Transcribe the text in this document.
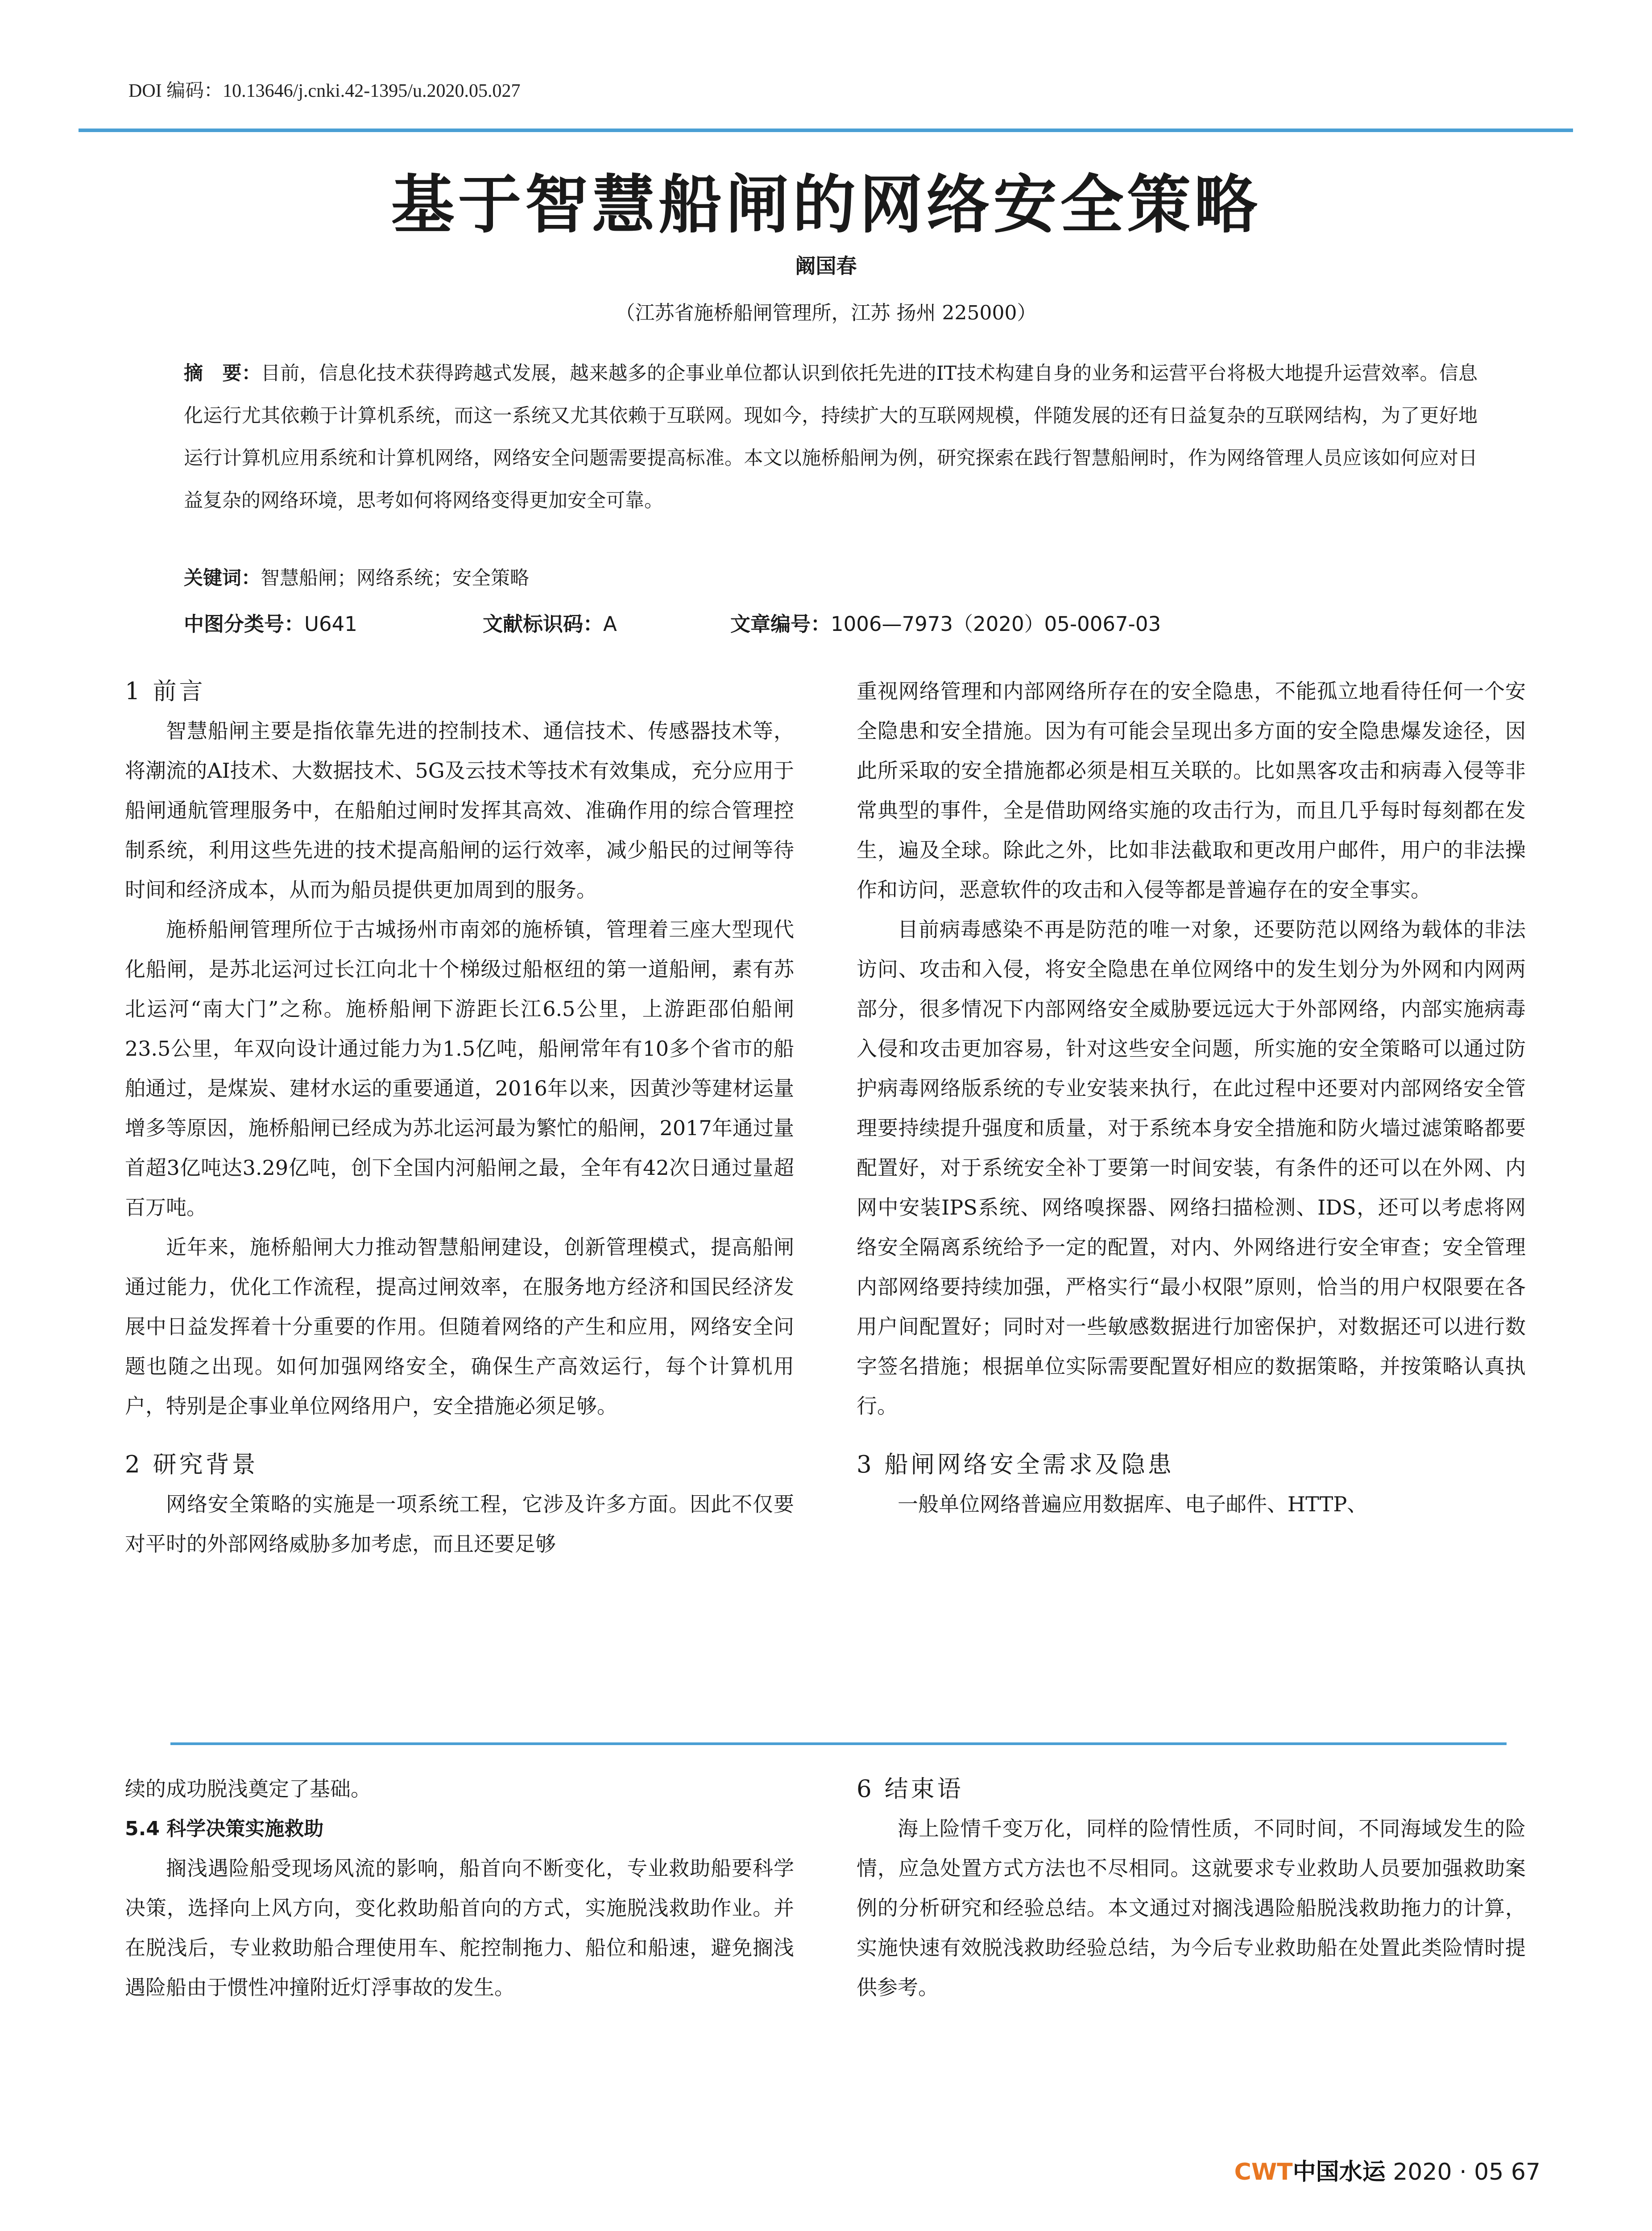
DOI 编码：10.13646/j.cnki.42-1395/u.2020.05.027
基于智慧船闸的网络安全策略
阚国春
（江苏省施桥船闸管理所，江苏 扬州 225000）
摘　要：目前，信息化技术获得跨越式发展，越来越多的企事业单位都认识到依托先进的IT技术构建自身的业务和运营平台将极大地提升运营效率。信息化运行尤其依赖于计算机系统，而这一系统又尤其依赖于互联网。现如今，持续扩大的互联网规模，伴随发展的还有日益复杂的互联网结构，为了更好地运行计算机应用系统和计算机网络，网络安全问题需要提高标准。本文以施桥船闸为例，研究探索在践行智慧船闸时，作为网络管理人员应该如何应对日益复杂的网络环境，思考如何将网络变得更加安全可靠。
关键词：智慧船闸；网络系统；安全策略
中图分类号：U641	文献标识码：A	文章编号：1006—7973（2020）05-0067-03
1 前言

智慧船闸主要是指依靠先进的控制技术、通信技术、传感器技术等，将潮流的AI技术、大数据技术、5G及云技术等技术有效集成，充分应用于船闸通航管理服务中，在船舶过闸时发挥其高效、准确作用的综合管理控制系统，利用这些先进的技术提高船闸的运行效率，减少船民的过闸等待时间和经济成本，从而为船员提供更加周到的服务。

施桥船闸管理所位于古城扬州市南郊的施桥镇，管理着三座大型现代化船闸，是苏北运河过长江向北十个梯级过船枢纽的第一道船闸，素有苏北运河“南大门”之称。施桥船闸下游距长江6.5公里，上游距邵伯船闸23.5公里，年双向设计通过能力为1.5亿吨，船闸常年有10多个省市的船舶通过，是煤炭、建材水运的重要通道，2016年以来，因黄沙等建材运量增多等原因，施桥船闸已经成为苏北运河最为繁忙的船闸，2017年通过量首超3亿吨达3.29亿吨，创下全国内河船闸之最，全年有42次日通过量超百万吨。

近年来，施桥船闸大力推动智慧船闸建设，创新管理模式，提高船闸通过能力，优化工作流程，提高过闸效率，在服务地方经济和国民经济发展中日益发挥着十分重要的作用。但随着网络的产生和应用，网络安全问题也随之出现。如何加强网络安全，确保生产高效运行，每个计算机用户，特别是企事业单位网络用户，安全措施必须足够。

2 研究背景

网络安全策略的实施是一项系统工程，它涉及许多方面。因此不仅要对平时的外部网络威胁多加考虑，而且还要足够

重视网络管理和内部网络所存在的安全隐患，不能孤立地看待任何一个安全隐患和安全措施。因为有可能会呈现出多方面的安全隐患爆发途径，因此所采取的安全措施都必须是相互关联的。比如黑客攻击和病毒入侵等非常典型的事件，全是借助网络实施的攻击行为，而且几乎每时每刻都在发生，遍及全球。除此之外，比如非法截取和更改用户邮件，用户的非法操作和访问，恶意软件的攻击和入侵等都是普遍存在的安全事实。

目前病毒感染不再是防范的唯一对象，还要防范以网络为载体的非法访问、攻击和入侵，将安全隐患在单位网络中的发生划分为外网和内网两部分，很多情况下内部网络安全威胁要远远大于外部网络，内部实施病毒入侵和攻击更加容易，针对这些安全问题，所实施的安全策略可以通过防护病毒网络版系统的专业安装来执行，在此过程中还要对内部网络安全管理要持续提升强度和质量，对于系统本身安全措施和防火墙过滤策略都要配置好，对于系统安全补丁要第一时间安装，有条件的还可以在外网、内网中安装IPS系统、网络嗅探器、网络扫描检测、IDS，还可以考虑将网络安全隔离系统给予一定的配置，对内、外网络进行安全审查；安全管理内部网络要持续加强，严格实行“最小权限”原则，恰当的用户权限要在各用户间配置好；同时对一些敏感数据进行加密保护，对数据还可以进行数字签名措施；根据单位实际需要配置好相应的数据策略，并按策略认真执行。

3 船闸网络安全需求及隐患

一般单位网络普遍应用数据库、电子邮件、HTTP、

续的成功脱浅奠定了基础。

5.4 科学决策实施救助

搁浅遇险船受现场风流的影响，船首向不断变化，专业救助船要科学决策，选择向上风方向，变化救助船首向的方式，实施脱浅救助作业。并在脱浅后，专业救助船合理使用车、舵控制拖力、船位和船速，避免搁浅遇险船由于惯性冲撞附近灯浮事故的发生。

6 结束语

海上险情千变万化，同样的险情性质，不同时间，不同海域发生的险情，应急处置方式方法也不尽相同。这就要求专业救助人员要加强救助案例的分析研究和经验总结。本文通过对搁浅遇险船脱浅救助拖力的计算，实施快速有效脱浅救助经验总结，为今后专业救助船在处置此类险情时提供参考。

CWT中国水运 2020 · 05 67
